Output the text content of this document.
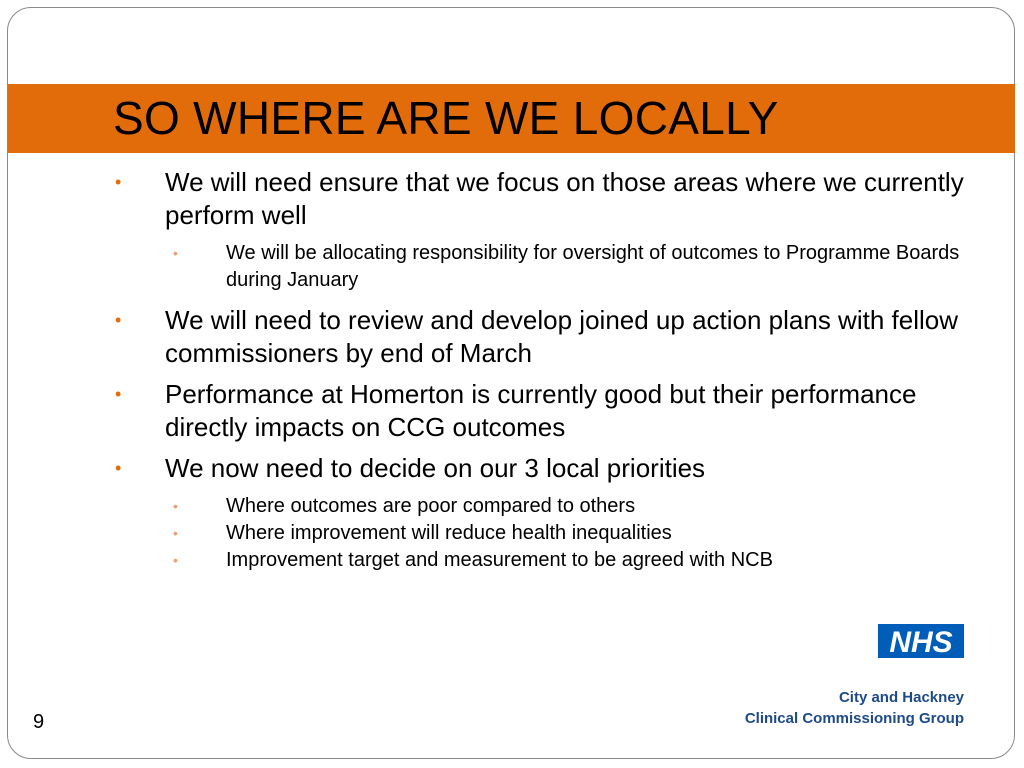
SO WHERE ARE WE LOCALLY
• We will need ensure that we focus on those areas where we currently perform well
• We will be allocating responsibility for oversight of outcomes to Programme Boards during January
• We will need to review and develop joined up action plans with fellow commissioners by end of March
• Performance at Homerton is currently good but their performance directly impacts on CCG outcomes
• We now need to decide on our 3 local priorities
• Where outcomes are poor compared to others
• Where improvement will reduce health inequalities
• Improvement target and measurement to be agreed with NCB
NHS
City and Hackney
Clinical Commissioning Group
9
